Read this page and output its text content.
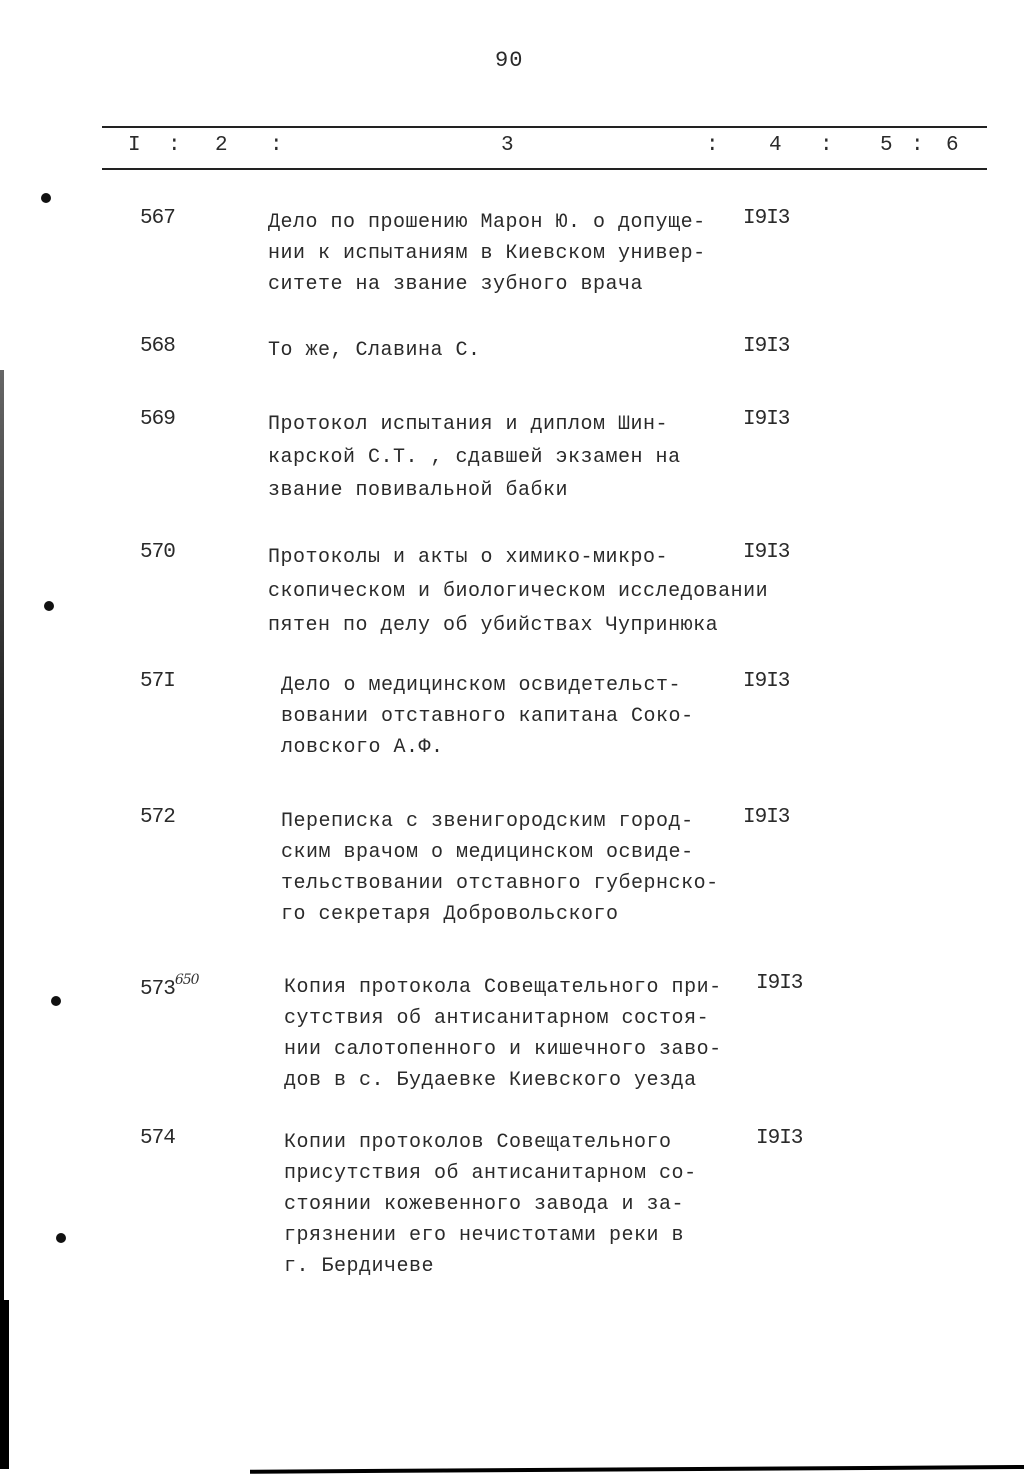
90
I : 2 :	3	: 4 : 5 : 6
567	Дело по прошению Марон Ю. о допуще-
нии к испытаниям в Киевском универ-
ситете на звание зубного врача
I9I3
568	То же, Славина С.	I9I3
569	Протокол испытания и диплом Шин-
карской С.Т. , сдавшей экзамен на
звание повивальной бабки
I9I3
570	Протоколы и акты о химико-микро-
скопическом и биологическом исследовании
пятен по делу об убийствах Чупринюка
I9I3
57I	Дело о медицинском освидетельст-
вовании отставного капитана Соко-
ловского А.Ф.
I9I3
572	Переписка с звенигородским город-
ским врачом о медицинском освиде-
тельствовании отставного губернско-
го секретаря Добровольского
I9I3
$573^{650}$	Копия протокола Совещательного при-
сутствия об антисанитарном состоя-
нии салотопенного и кишечного заво-
дов в с. Будаевке Киевского уезда
I9I3
574	Копии протоколов Совещательного
присутствия об антисанитарном со-
стоянии кожевенного завода и за-
грязнении его нечистотами реки в
г. Бердичеве
I9I3
